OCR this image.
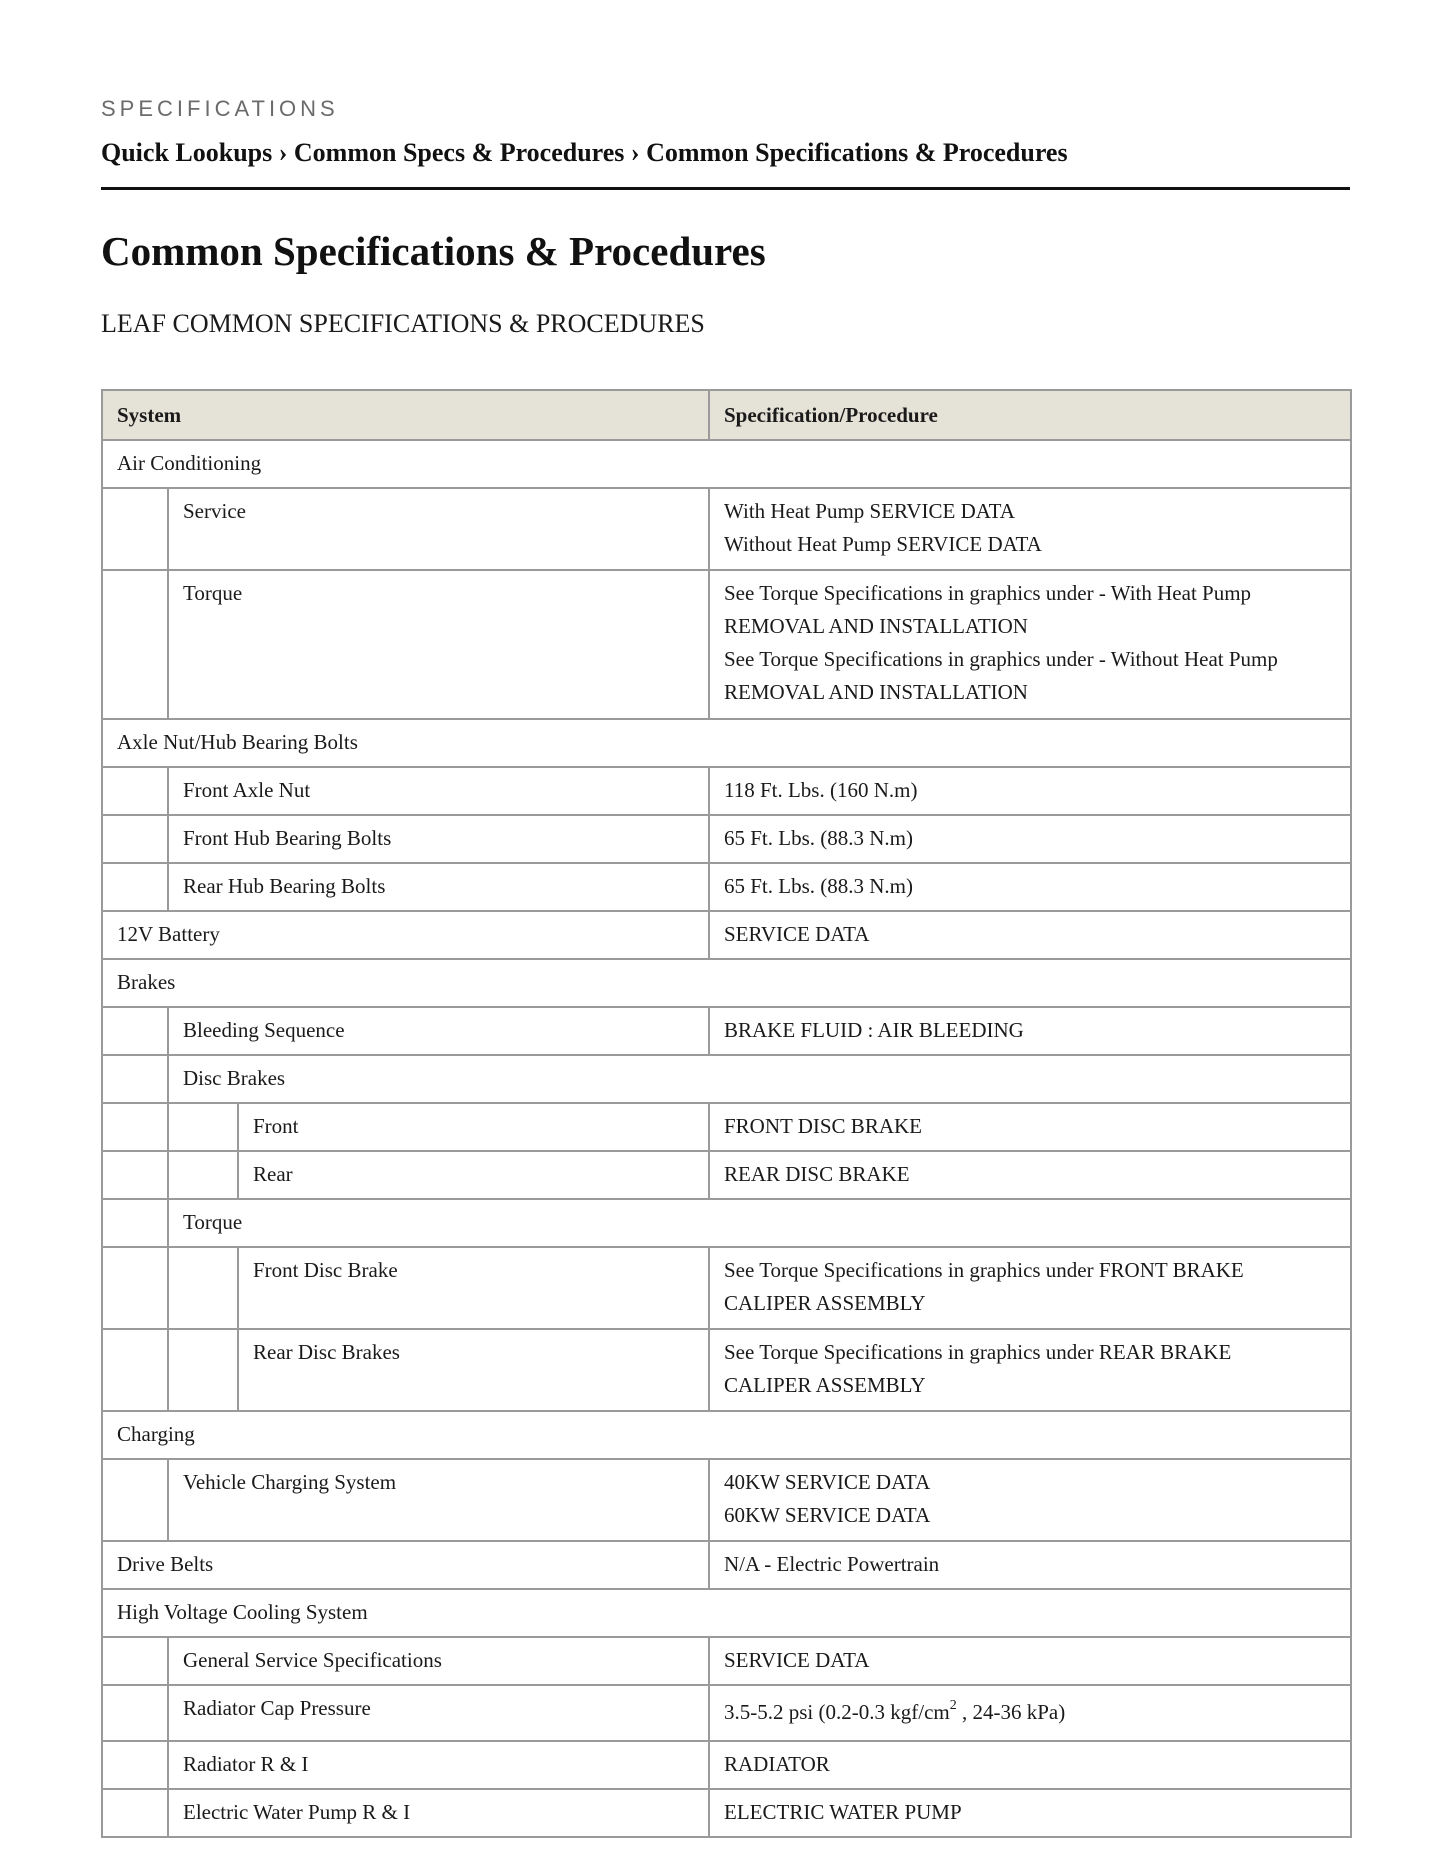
SPECIFICATIONS
Quick Lookups › Common Specs & Procedures › Common Specifications & Procedures
Common Specifications & Procedures
LEAF COMMON SPECIFICATIONS & PROCEDURES
System			Specification/Procedure
Air Conditioning			
	Service		With Heat Pump SERVICE DATA
Without Heat Pump SERVICE DATA

	Torque		See Torque Specifications in graphics under - With Heat Pump
REMOVAL AND INSTALLATION
See Torque Specifications in graphics under - Without Heat Pump
REMOVAL AND INSTALLATION

Axle Nut/Hub Bearing Bolts			
	Front Axle Nut		118 Ft. Lbs. (160 N.m)
	Front Hub Bearing Bolts		65 Ft. Lbs. (88.3 N.m)
	Rear Hub Bearing Bolts		65 Ft. Lbs. (88.3 N.m)
12V Battery			SERVICE DATA
Brakes			
	Bleeding Sequence		BRAKE FLUID : AIR BLEEDING
	Disc Brakes		
		Front	FRONT DISC BRAKE
		Rear	REAR DISC BRAKE
	Torque		
		Front Disc Brake	See Torque Specifications in graphics under FRONT BRAKE
CALIPER ASSEMBLY

		Rear Disc Brakes	See Torque Specifications in graphics under REAR BRAKE
CALIPER ASSEMBLY

Charging			
	Vehicle Charging System		40KW SERVICE DATA
60KW SERVICE DATA

Drive Belts			N/A - Electric Powertrain
High Voltage Cooling System			
	General Service Specifications		SERVICE DATA
	Radiator Cap Pressure		3.5-5.2 psi (0.2-0.3 kgf/$cm^2$ , 24-36 kPa)
	Radiator R & I		RADIATOR
	Electric Water Pump R & I		ELECTRIC WATER PUMP
